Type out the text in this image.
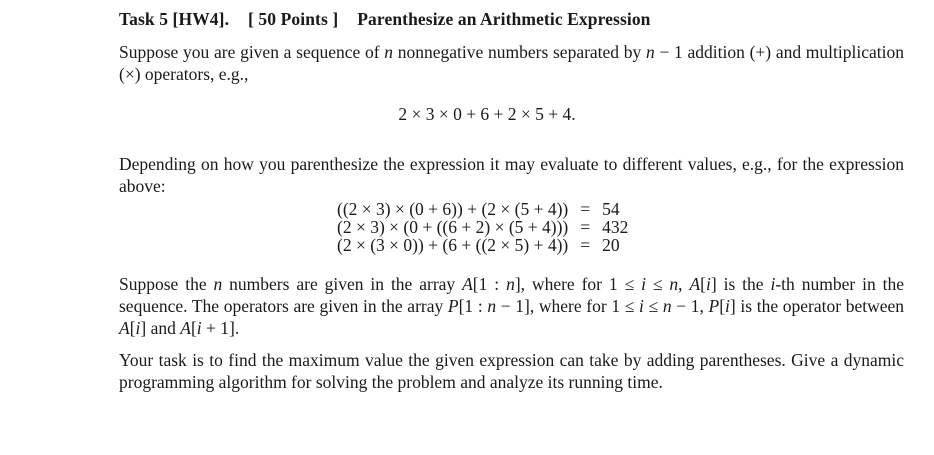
Task 5 [HW4]. [ 50 Points ] Parenthesize an Arithmetic Expression
Suppose you are given a sequence of n nonnegative numbers separated by n − 1 addition (+) and multiplication (×) operators, e.g.,
2 × 3 × 0 + 6 + 2 × 5 + 4.
Depending on how you parenthesize the expression it may evaluate to different values, e.g., for the expression above:
((2 × 3) × (0 + 6)) + (2 × (5 + 4))	=	54
(2 × 3) × (0 + ((6 + 2) × (5 + 4)))	=	432
(2 × (3 × 0)) + (6 + ((2 × 5) + 4))	=	20
Suppose the n numbers are given in the array A[1 : n], where for 1 ≤ i ≤ n, A[i] is the i-th number in the sequence. The operators are given in the array P[1 : n − 1], where for 1 ≤ i ≤ n − 1, P[i] is the operator between A[i] and A[i + 1].
Your task is to find the maximum value the given expression can take by adding parentheses. Give a dynamic programming algorithm for solving the problem and analyze its running time.
